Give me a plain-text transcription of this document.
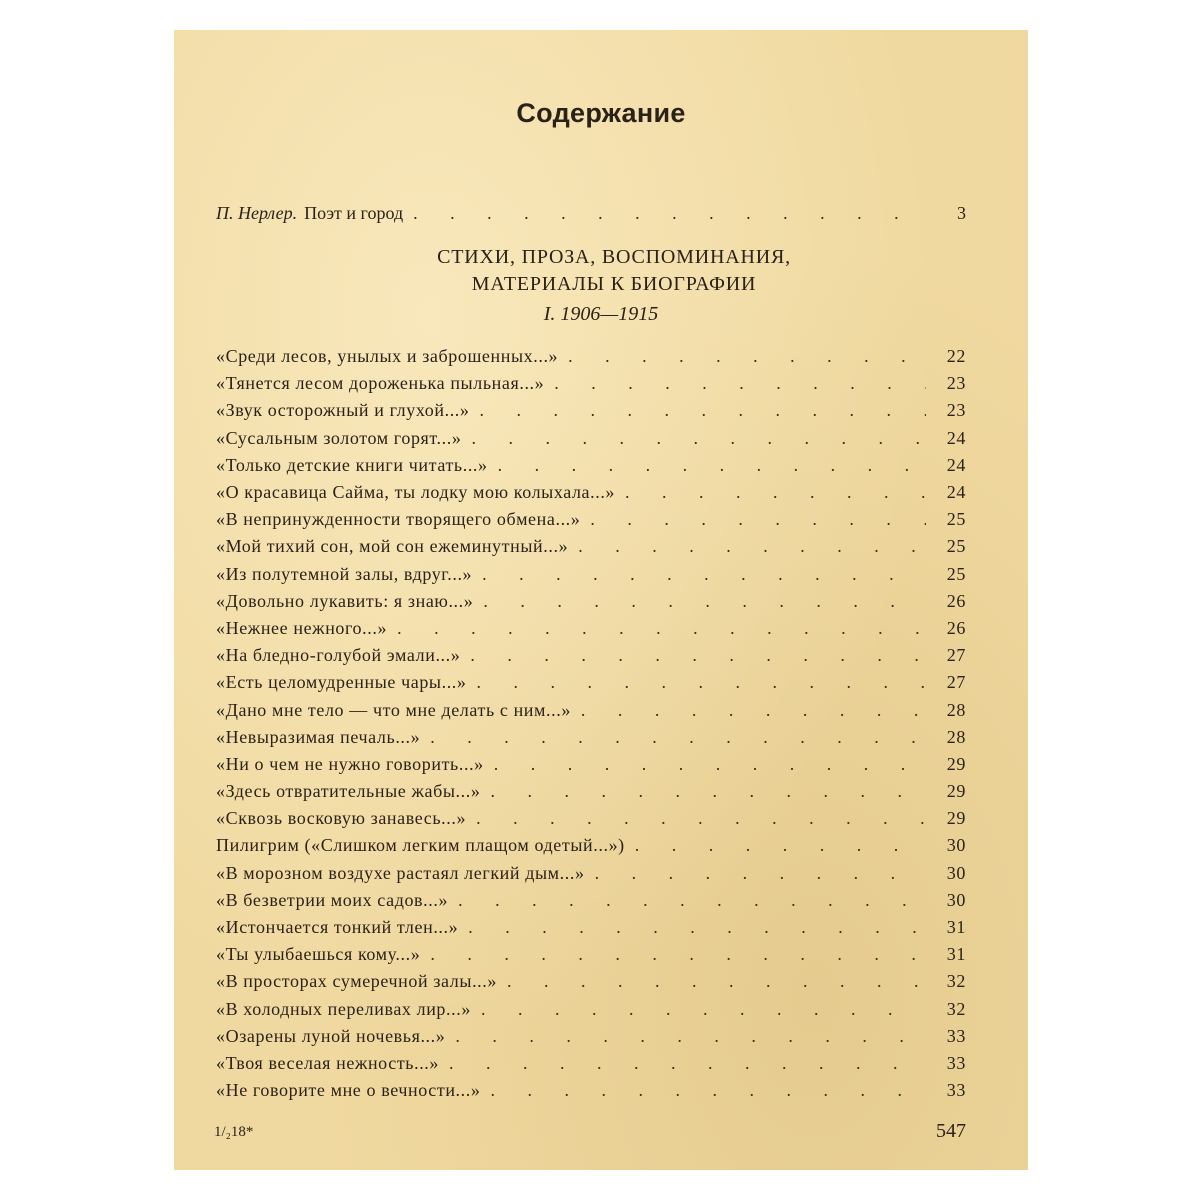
Содержание
П. Нерлер. Поэт и город . . .	3
СТИХИ, ПРОЗА, ВОСПОМИНАНИЯ,
МАТЕРИАЛЫ К БИОГРАФИИ
I. 1906—1915
«Среди лесов, унылых и заброшенных...» . . .	22
«Тянется лесом дороженька пыльная...» . . .	23
«Звук осторожный и глухой...» . . .	23
«Сусальным золотом горят...» . . .	24
«Только детские книги читать...» . . .	24
«О красавица Сайма, ты лодку мою колыхала...» . . .	24
«В непринужденности творящего обмена...» . . .	25
«Мой тихий сон, мой сон ежеминутный...» . . .	25
«Из полутемной залы, вдруг...» . . .	25
«Довольно лукавить: я знаю...» . . .	26
«Нежнее нежного...» . . .	26
«На бледно-голубой эмали...» . . .	27
«Есть целомудренные чары...» . . .	27
«Дано мне тело — что мне делать с ним...» . . .	28
«Невыразимая печаль...» . . .	28
«Ни о чем не нужно говорить...» . . .	29
«Здесь отвратительные жабы...» . . .	29
«Сквозь восковую занавесь...» . . .	29
Пилигрим («Слишком легким плащом одетый...») . . .	30
«В морозном воздухе растаял легкий дым...» . . .	30
«В безветрии моих садов...» . . .	30
«Истончается тонкий тлен...» . . .	31
«Ты улыбаешься кому...» . . .	31
«В просторах сумеречной залы...» . . .	32
«В холодных переливах лир...» . . .	32
«Озарены луной ночевья...» . . .	33
«Твоя веселая нежность...» . . .	33
«Не говорите мне о вечности...» . . .	33
1/₂18*	547
